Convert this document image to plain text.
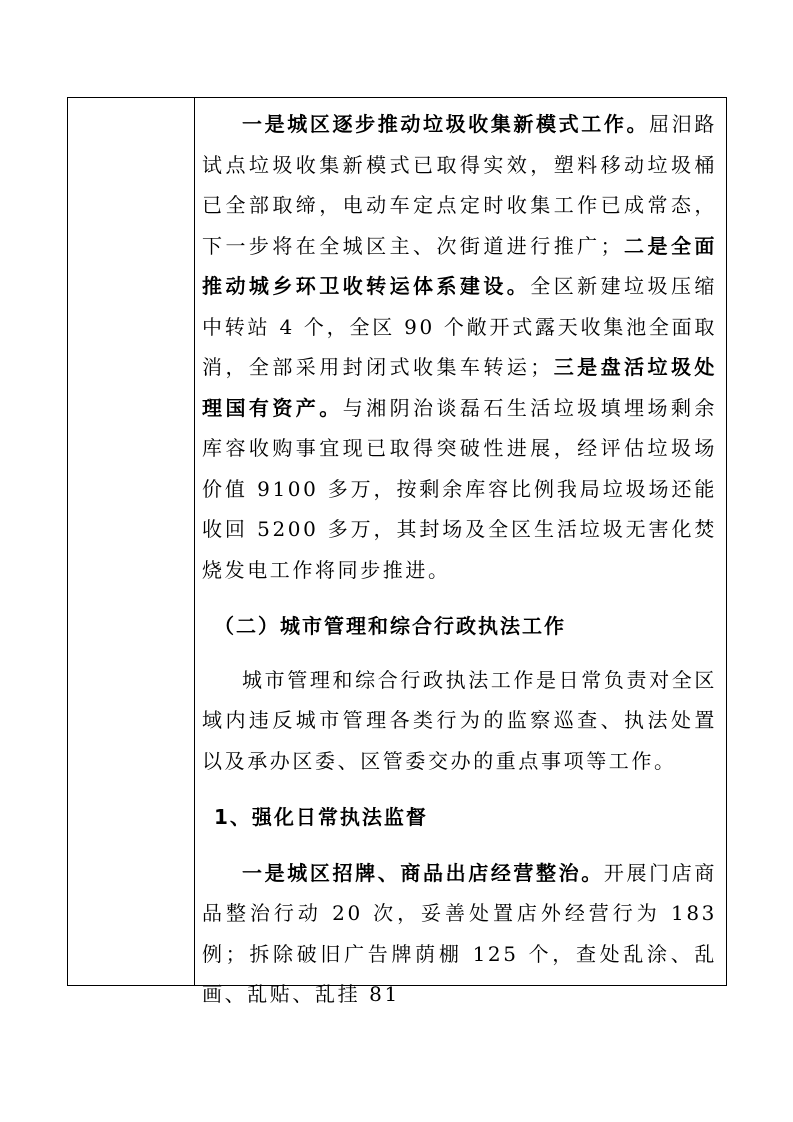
一是城区逐步推动垃圾收集新模式工作。屈汨路试点垃圾收集新模式已取得实效，塑料移动垃圾桶已全部取缔，电动车定点定时收集工作已成常态，下一步将在全城区主、次街道进行推广；二是全面推动城乡环卫收转运体系建设。全区新建垃圾压缩中转站 4 个，全区 90 个敞开式露天收集池全面取消，全部采用封闭式收集车转运；三是盘活垃圾处理国有资产。与湘阴治谈磊石生活垃圾填埋场剩余库容收购事宜现已取得突破性进展，经评估垃圾场价值 9100 多万，按剩余库容比例我局垃圾场还能收回 5200 多万，其封场及全区生活垃圾无害化焚烧发电工作将同步推进。

（二）城市管理和综合行政执法工作

城市管理和综合行政执法工作是日常负责对全区域内违反城市管理各类行为的监察巡查、执法处置以及承办区委、区管委交办的重点事项等工作。

1、强化日常执法监督

一是城区招牌、商品出店经营整治。开展门店商品整治行动 20 次，妥善处置店外经营行为 183 例；拆除破旧广告牌荫棚 125 个，查处乱涂、乱画、乱贴、乱挂 81
